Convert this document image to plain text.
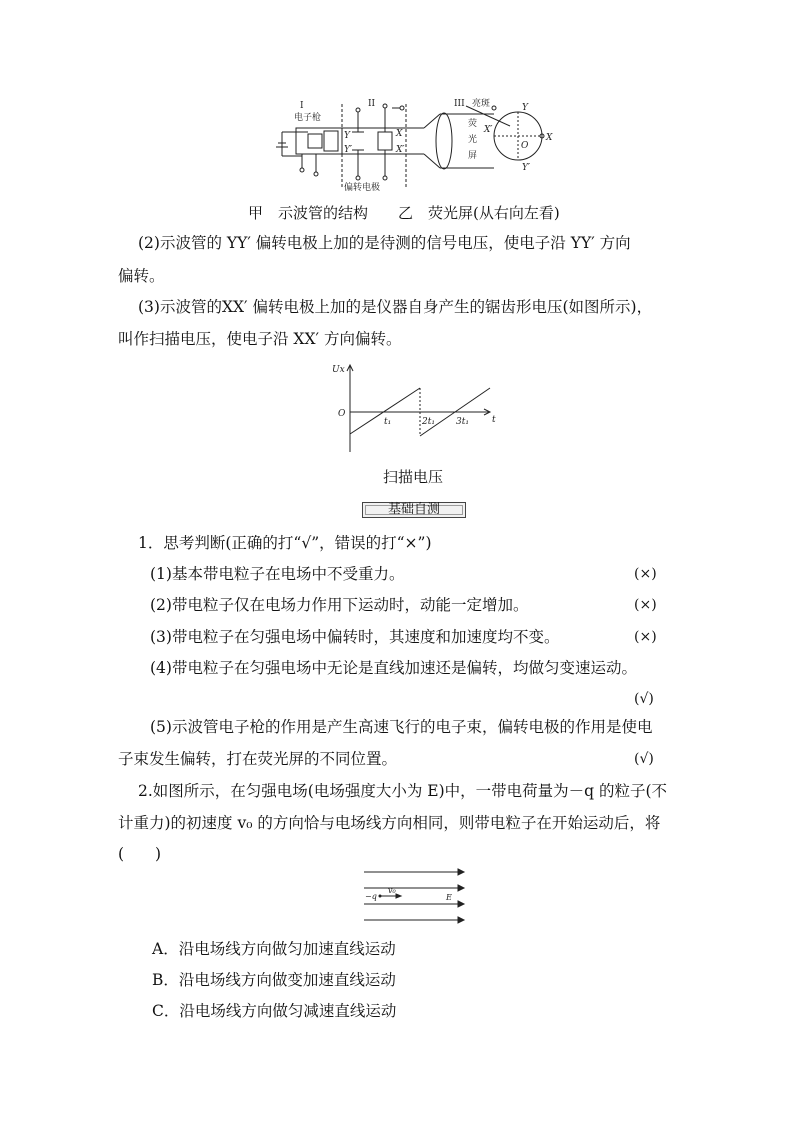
I
电子枪
II	III 亮斑
偏转电极
Y
Y′
X
X′
荧
光
屏
Y
Y′
X
X′
O
甲　示波管的结构　　乙　荧光屏(从右向左看)
(2)示波管的 YY′ 偏转电极上加的是待测的信号电压，使电子沿 YY′ 方向
偏转。
(3)示波管的XX′ 偏转电极上加的是仪器自身产生的锯齿形电压(如图所示)，
叫作扫描电压，使电子沿 XX′ 方向偏转。
Ux
O
t
t₁	2t₁ 3t₁
扫描电压
基础自测
1．思考判断(正确的打“√”，错误的打“×”)
(1)基本带电粒子在电场中不受重力。	(×)
(2)带电粒子仅在电场力作用下运动时，动能一定增加。	(×)
(3)带电粒子在匀强电场中偏转时，其速度和加速度均不变。	(×)
(4)带电粒子在匀强电场中无论是直线加速还是偏转，均做匀变速运动。
(√)
(5)示波管电子枪的作用是产生高速飞行的电子束，偏转电极的作用是使电
子束发生偏转，打在荧光屏的不同位置。	(√)
2.如图所示，在匀强电场(电场强度大小为 E)中，一带电荷量为－q 的粒子(不
计重力)的初速度 v₀ 的方向恰与电场线方向相同，则带电粒子在开始运动后，将
(　　)
−q
v₀
E
A．沿电场线方向做匀加速直线运动
B．沿电场线方向做变加速直线运动
C．沿电场线方向做匀减速直线运动
